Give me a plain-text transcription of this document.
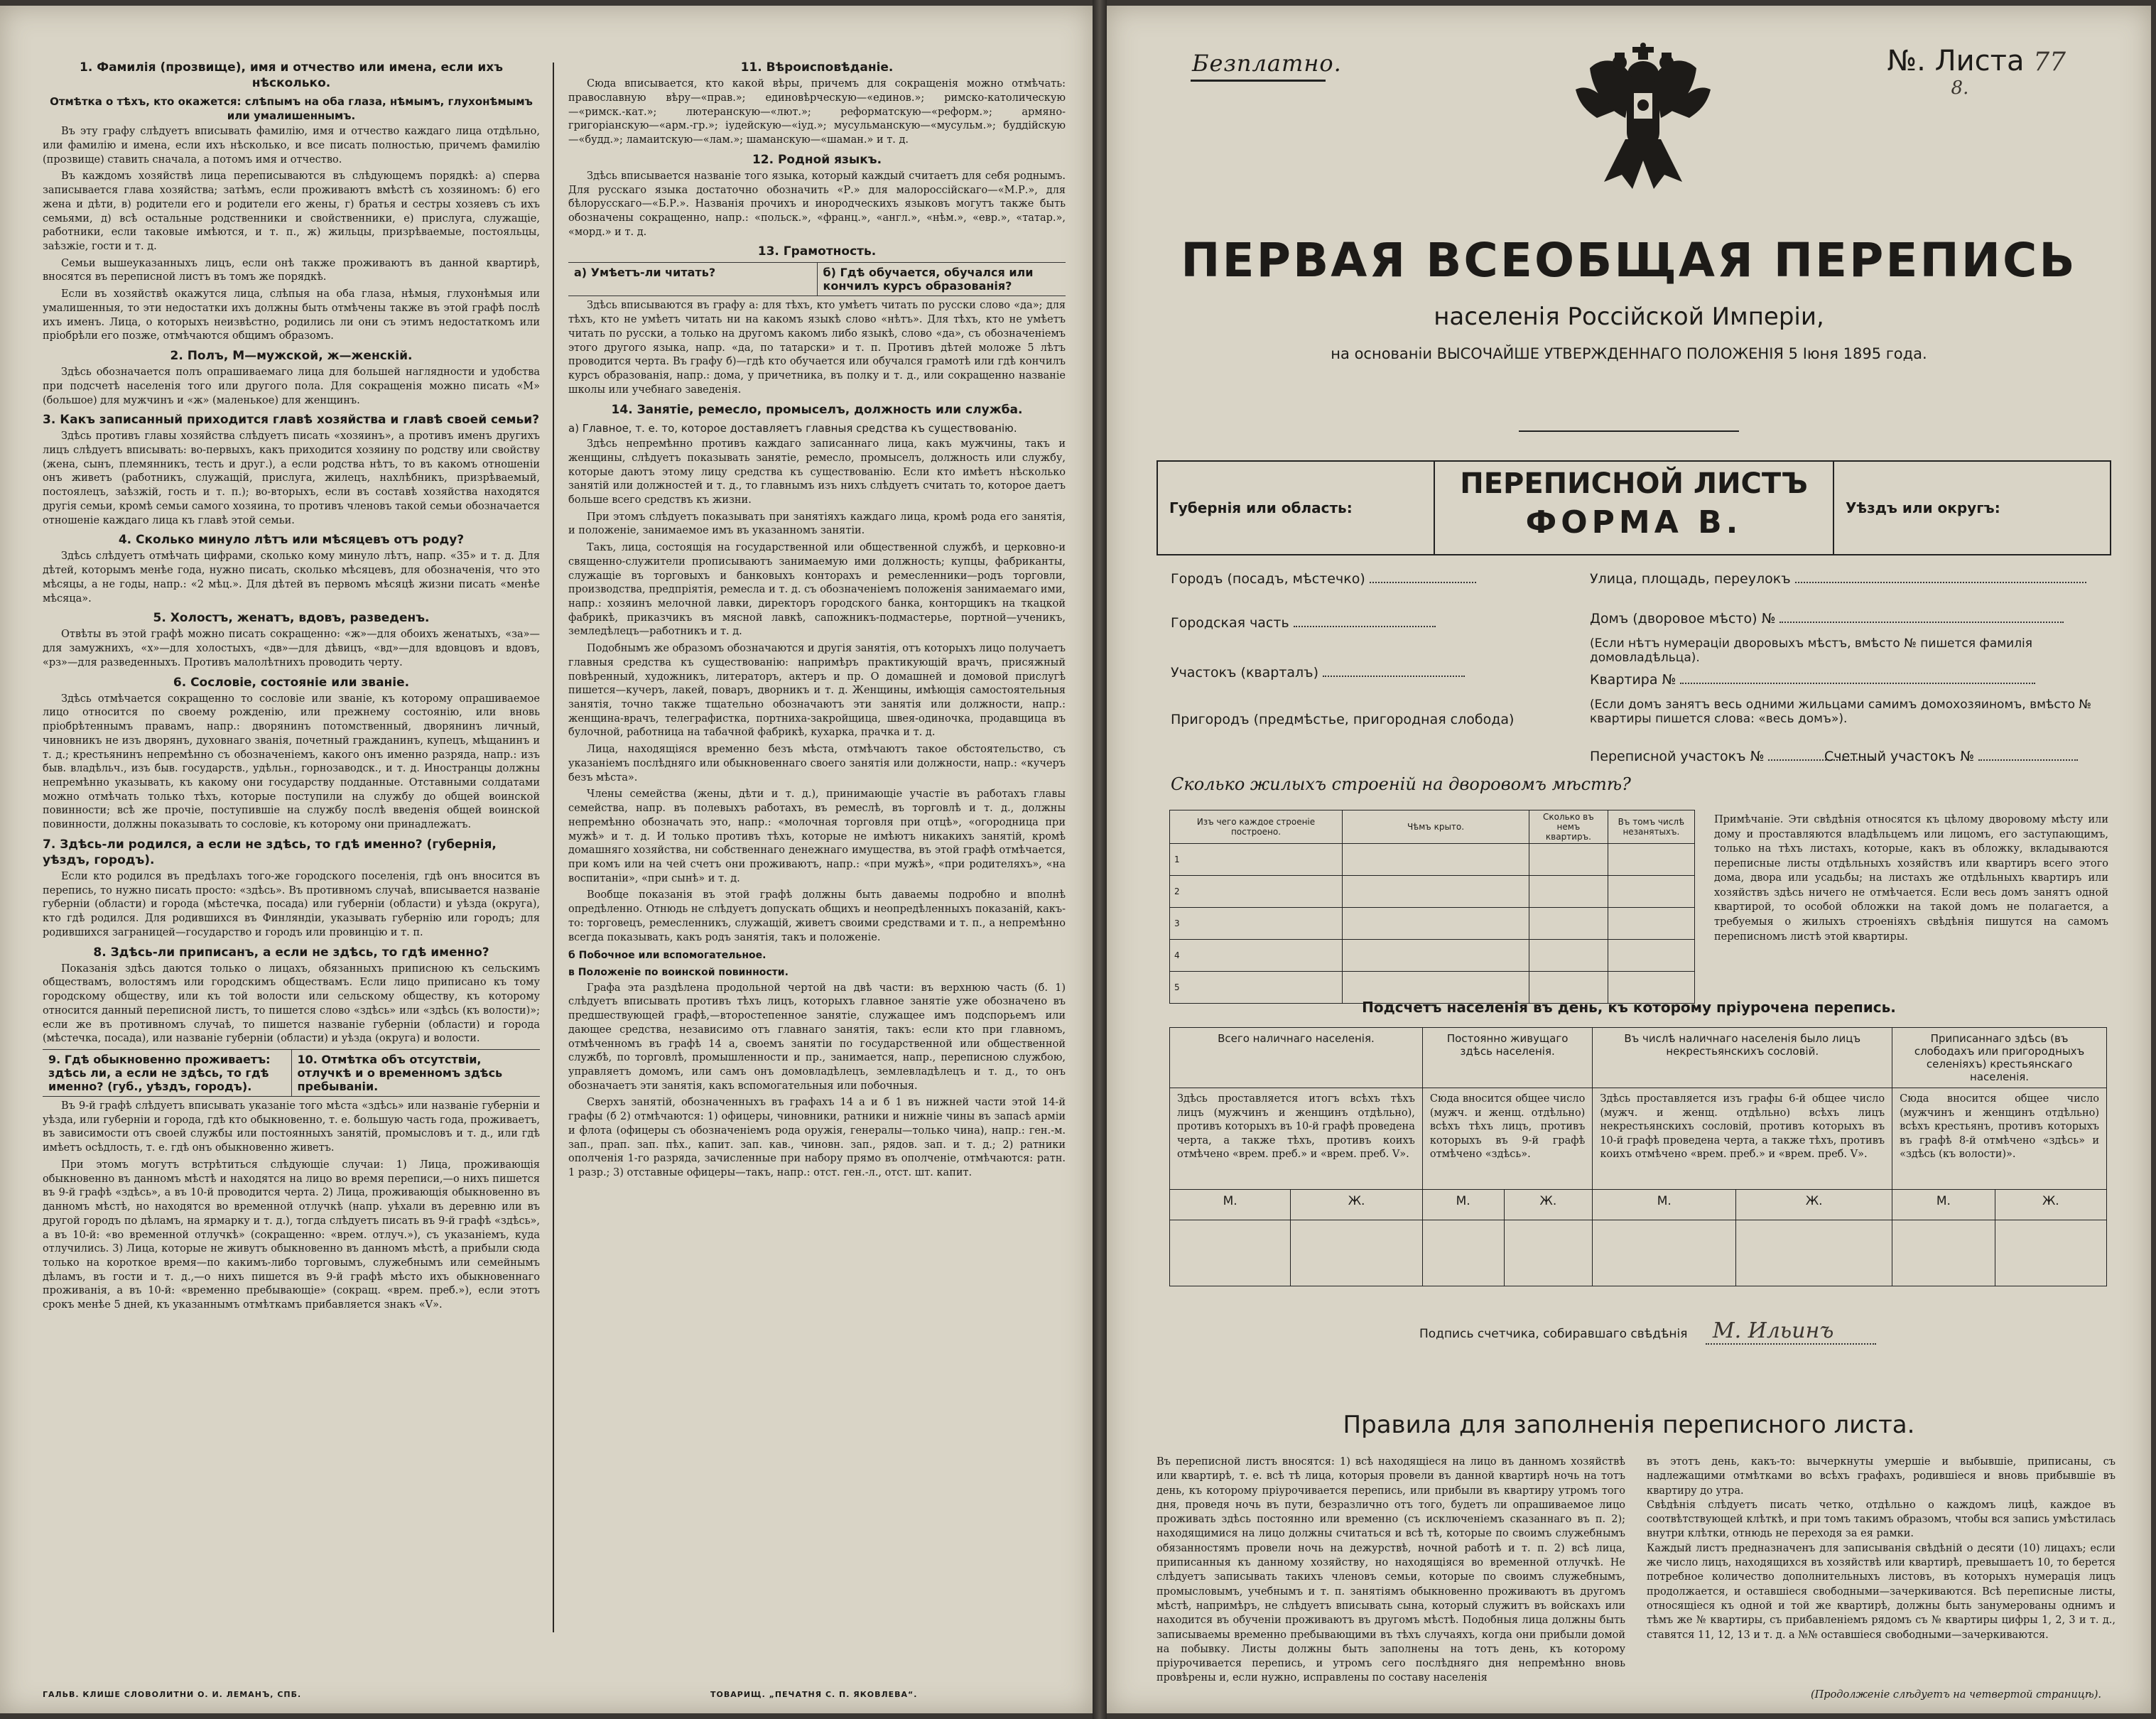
1. Фамилія (прозвище), имя и отчество или имена, если ихъ нѣсколько.
Отмѣтка о тѣхъ, кто окажется: слѣпымъ на оба глаза, нѣмымъ, глухонѣмымъ или умалишеннымъ.

Въ эту графу слѣдуетъ вписывать фамилію, имя и отчество каждаго лица отдѣльно, или фамилію и имена, если ихъ нѣсколько, и все писать полностью, причемъ фамилію (прозвище) ставить сначала, а потомъ имя и отчество.

Въ каждомъ хозяйствѣ лица переписываются въ слѣдующемъ порядкѣ: а) сперва записывается глава хозяйства; затѣмъ, если проживаютъ вмѣстѣ съ хозяиномъ: б) его жена и дѣти, в) родители его и родители его жены, г) братья и сестры хозяевъ съ ихъ семьями, д) всѣ остальные родственники и свойственники, е) прислуга, служащіе, работники, если таковые имѣются, и т. п., ж) жильцы, призрѣваемые, постояльцы, заѣзжіе, гости и т. д.

Семьи вышеуказанныхъ лицъ, если онѣ также проживаютъ въ данной квартирѣ, вносятся въ переписной листъ въ томъ же порядкѣ.

Если въ хозяйствѣ окажутся лица, слѣпыя на оба глаза, нѣмыя, глухонѣмыя или умалишенныя, то эти недостатки ихъ должны быть отмѣчены также въ этой графѣ послѣ ихъ именъ. Лица, о которыхъ неизвѣстно, родились ли они съ этимъ недостаткомъ или пріобрѣли его позже, отмѣчаются общимъ образомъ.

2. Полъ, М—мужской, ж—женскій.

Здѣсь обозначается полъ опрашиваемаго лица для большей наглядности и удобства при подсчетѣ населенія того или другого пола. Для сокращенія можно писать «М» (большое) для мужчинъ и «ж» (маленькое) для женщинъ.

3. Какъ записанный приходится главѣ хозяйства и главѣ своей семьи?

Здѣсь противъ главы хозяйства слѣдуетъ писать «хозяинъ», а противъ именъ другихъ лицъ слѣдуетъ вписывать: во-первыхъ, какъ приходится хозяину по родству или свойству (жена, сынъ, племянникъ, тесть и друг.), а если родства нѣтъ, то въ какомъ отношеніи онъ живетъ (работникъ, служащій, прислуга, жилецъ, нахлѣбникъ, призрѣваемый, постоялецъ, заѣзжій, гость и т. п.); во-вторыхъ, если въ составѣ хозяйства находятся другія семьи, кромѣ семьи самого хозяина, то противъ членовъ такой семьи обозначается отношеніе каждаго лица къ главѣ этой семьи.

4. Сколько минуло лѣтъ или мѣсяцевъ отъ роду?

Здѣсь слѣдуетъ отмѣчать цифрами, сколько кому минуло лѣтъ, напр. «35» и т. д. Для дѣтей, которымъ менѣе года, нужно писать, сколько мѣсяцевъ, для обозначенія, что это мѣсяцы, а не годы, напр.: «2 мѣц.». Для дѣтей въ первомъ мѣсяцѣ жизни писать «менѣе мѣсяца».

5. Холостъ, женатъ, вдовъ, разведенъ.

Отвѣты въ этой графѣ можно писать сокращенно: «ж»—для обоихъ женатыхъ, «за»—для замужнихъ, «х»—для холостыхъ, «дв»—для дѣвицъ, «вд»—для вдовцовъ и вдовъ, «рз»—для разведенныхъ. Противъ малолѣтнихъ проводить черту.

6. Сословіе, состояніе или званіе.

Здѣсь отмѣчается сокращенно то сословіе или званіе, къ которому опрашиваемое лицо относится по своему рожденію, или прежнему состоянію, или вновь пріобрѣтеннымъ правамъ, напр.: дворянинъ потомственный, дворянинъ личный, чиновникъ не изъ дворянъ, духовнаго званія, почетный гражданинъ, купецъ, мѣщанинъ и т. д.; крестьянинъ непремѣнно съ обозначеніемъ, какого онъ именно разряда, напр.: изъ быв. владѣльч., изъ быв. государств., удѣльн., горнозаводск., и т. д. Иностранцы должны непремѣнно указывать, къ какому они государству подданные. Отставными солдатами можно отмѣчать только тѣхъ, которые поступили на службу до общей воинской повинности; всѣ же прочіе, поступившіе на службу послѣ введенія общей воинской повинности, должны показывать то сословіе, къ которому они принадлежатъ.

7. Здѣсь-ли родился, а если не здѣсь, то гдѣ именно? (губернія, уѣздъ, городъ).

Если кто родился въ предѣлахъ того-же городского поселенія, гдѣ онъ вносится въ перепись, то нужно писать просто: «здѣсь». Въ противномъ случаѣ, вписывается названіе губерніи (области) и города (мѣстечка, посада) или губерніи (области) и уѣзда (округа), кто гдѣ родился. Для родившихся въ Финляндіи, указывать губернію или городъ; для родившихся заграницей—государство и городъ или провинцію и т. п.

8. Здѣсь-ли приписанъ, а если не здѣсь, то гдѣ именно?

Показанія здѣсь даются только о лицахъ, обязанныхъ приписною къ сельскимъ обществамъ, волостямъ или городскимъ обществамъ. Если лицо приписано къ тому городскому обществу, или къ той волости или сельскому обществу, къ которому относится данный переписной листъ, то пишется слово «здѣсь» или «здѣсь (къ волости)»; если же въ противномъ случаѣ, то пишется названіе губерніи (области) и города (мѣстечка, посада), или названіе губерніи (области) и уѣзда (округа) и волости.

9. Гдѣ обыкновенно проживаетъ: здѣсь ли, а если не здѣсь, то гдѣ именно? (губ., уѣздъ, городъ).
10. Отмѣтка объ отсутствіи, отлучкѣ и о временномъ здѣсь пребываніи.

Въ 9-й графѣ слѣдуетъ вписывать указаніе того мѣста «здѣсь» или названіе губерніи и уѣзда, или губерніи и города, гдѣ кто обыкновенно, т. е. большую часть года, проживаетъ, въ зависимости отъ своей службы или постоянныхъ занятій, промысловъ и т. д., или гдѣ имѣетъ осѣдлость, т. е. гдѣ онъ обыкновенно живетъ.

При этомъ могутъ встрѣтиться слѣдующіе случаи: 1) Лица, проживающія обыкновенно въ данномъ мѣстѣ и находятся на лицо во время переписи,—о нихъ пишется въ 9-й графѣ «здѣсь», а въ 10-й проводится черта. 2) Лица, проживающія обыкновенно въ данномъ мѣстѣ, но находятся во временной отлучкѣ (напр. уѣхали въ деревню или въ другой городъ по дѣламъ, на ярмарку и т. д.), тогда слѣдуетъ писать въ 9-й графѣ «здѣсь», а въ 10-й: «во временной отлучкѣ» (сокращенно: «врем. отлуч.»), съ указаніемъ, куда отлучились. 3) Лица, которые не живутъ обыкновенно въ данномъ мѣстѣ, а прибыли сюда только на короткое время—по какимъ-либо торговымъ, служебнымъ или семейнымъ дѣламъ, въ гости и т. д.,—о нихъ пишется въ 9-й графѣ мѣсто ихъ обыкновеннаго проживанія, а въ 10-й: «временно пребывающіе» (сокращ. «врем. преб.»), если этотъ срокъ менѣе 5 дней, къ указаннымъ отмѣткамъ прибавляется знакъ «V».

11. Вѣроисповѣданіе.

Сюда вписывается, кто какой вѣры, причемъ для сокращенія можно отмѣчать: православную вѣру—«прав.»; единовѣрческую—«единов.»; римско-католическую—«римск.-кат.»; лютеранскую—«лют.»; реформатскую—«реформ.»; армяно-григоріанскую—«арм.-гр.»; іудейскую—«іуд.»; мусульманскую—«мусульм.»; буддійскую—«будд.»; ламаитскую—«лам.»; шаманскую—«шаман.» и т. д.

12. Родной языкъ.

Здѣсь вписывается названіе того языка, который каждый считаетъ для себя роднымъ. Для русскаго языка достаточно обозначить «Р.» для малороссійскаго—«М.Р.», для бѣлорусскаго—«Б.Р.». Названія прочихъ и инородческихъ языковъ могутъ также быть обозначены сокращенно, напр.: «польск.», «франц.», «англ.», «нѣм.», «евр.», «татар.», «морд.» и т. д.

13. Грамотность.
а) Умѣетъ-ли читать?	б) Гдѣ обучается, обучался или кончилъ курсъ образованія?

Здѣсь вписываются въ графу а: для тѣхъ, кто умѣетъ читать по русски слово «да»; для тѣхъ, кто не умѣетъ читать ни на какомъ языкѣ слово «нѣтъ». Для тѣхъ, кто не умѣетъ читать по русски, а только на другомъ какомъ либо языкѣ, слово «да», съ обозначеніемъ этого другого языка, напр. «да, по татарски» и т. п. Противъ дѣтей моложе 5 лѣтъ проводится черта. Въ графу б)—гдѣ кто обучается или обучался грамотѣ или гдѣ кончилъ курсъ образованія, напр.: дома, у причетника, въ полку и т. д., или сокращенно названіе школы или учебнаго заведенія.

14. Занятіе, ремесло, промыселъ, должность или служба.
а) Главное, т. е. то, которое доставляетъ главныя средства къ существованію.

Здѣсь непремѣнно противъ каждаго записаннаго лица, какъ мужчины, такъ и женщины, слѣдуетъ показывать занятіе, ремесло, промыселъ, должность или службу, которые даютъ этому лицу средства къ существованію. Если кто имѣетъ нѣсколько занятій или должностей и т. д., то главнымъ изъ нихъ слѣдуетъ считать то, которое даетъ больше всего средствъ къ жизни.

При этомъ слѣдуетъ показывать при занятіяхъ каждаго лица, кромѣ рода его занятія, и положеніе, занимаемое имъ въ указанномъ занятіи.

Такъ, лица, состоящія на государственной или общественной службѣ, и церковно-и священно-служители прописываютъ занимаемую ими должность; купцы, фабриканты, служащіе въ торговыхъ и банковыхъ конторахъ и ремесленники—родъ торговли, производства, предпріятія, ремесла и т. д. съ обозначеніемъ положенія занимаемаго ими, напр.: хозяинъ мелочной лавки, директоръ городского банка, конторщикъ на ткацкой фабрикѣ, приказчикъ въ мясной лавкѣ, сапожникъ-подмастерье, портной—ученикъ, земледѣлецъ—работникъ и т. д.

Подобнымъ же образомъ обозначаются и другія занятія, отъ которыхъ лицо получаетъ главныя средства къ существованію: напримѣръ практикующій врачъ, присяжный повѣренный, художникъ, литераторъ, актеръ и пр. О домашней и домовой прислугѣ пишется—кучеръ, лакей, поваръ, дворникъ и т. д. Женщины, имѣющія самостоятельныя занятія, точно также тщательно обозначаютъ эти занятія или должности, напр.: женщина-врачъ, телеграфистка, портниха-закройщица, швея-одиночка, продавщица въ булочной, работница на табачной фабрикѣ, кухарка, прачка и т. д.

Лица, находящіяся временно безъ мѣста, отмѣчаютъ такое обстоятельство, съ указаніемъ послѣдняго или обыкновеннаго своего занятія или должности, напр.: «кучеръ безъ мѣста».

Члены семейства (жены, дѣти и т. д.), принимающіе участіе въ работахъ главы семейства, напр. въ полевыхъ работахъ, въ ремеслѣ, въ торговлѣ и т. д., должны непремѣнно обозначать это, напр.: «молочная торговля при отцѣ», «огородница при мужѣ» и т. д. И только противъ тѣхъ, которые не имѣютъ никакихъ занятій, кромѣ домашняго хозяйства, ни собственнаго денежнаго имущества, въ этой графѣ отмѣчается, при комъ или на чей счетъ они проживаютъ, напр.: «при мужѣ», «при родителяхъ», «на воспитаніи», «при сынѣ» и т. д.

Вообще показанія въ этой графѣ должны быть даваемы подробно и вполнѣ опредѣленно. Отнюдь не слѣдуетъ допускать общихъ и неопредѣленныхъ показаній, какъ-то: торговецъ, ремесленникъ, служащій, живетъ своими средствами и т. п., а непремѣнно всегда показывать, какъ родъ занятія, такъ и положеніе.

б Побочное или вспомогательное.
в Положеніе по воинской повинности.

Графа эта раздѣлена продольной чертой на двѣ части: въ верхнюю часть (б. 1) слѣдуетъ вписывать противъ тѣхъ лицъ, которыхъ главное занятіе уже обозначено въ предшествующей графѣ,—второстепенное занятіе, служащее имъ подспорьемъ или дающее средства, независимо отъ главнаго занятія, такъ: если кто при главномъ, отмѣченномъ въ графѣ 14 а, своемъ занятіи по государственной или общественной службѣ, по торговлѣ, промышленности и пр., занимается, напр., переписною службою, управляетъ домомъ, или самъ онъ домовладѣлецъ, землевладѣлецъ и т. д., то онъ обозначаетъ эти занятія, какъ вспомогательныя или побочныя.

Сверхъ занятій, обозначенныхъ въ графахъ 14 а и б 1 въ нижней части этой 14-й графы (б 2) отмѣчаются: 1) офицеры, чиновники, ратники и нижніе чины въ запасѣ арміи и флота (офицеры съ обозначеніемъ рода оружія, генералы—только чина), напр.: ген.-м. зап., прап. зап. пѣх., капит. зап. кав., чиновн. зап., рядов. зап. и т. д.; 2) ратники ополченія 1-го разряда, зачисленные при набору прямо въ ополченіе, отмѣчаются: ратн. 1 разр.; 3) отставные офицеры—такъ, напр.: отст. ген.-л., отст. шт. капит.

ГАЛЬВ. КЛИШЕ СЛОВОЛИТНИ О. И. ЛЕМАНЪ, СПБ.	ТОВАРИЩ. „ПЕЧАТНЯ С. П. ЯКОВЛЕВА“.
Безплатно.	№. Листа 77
8.
ПЕРВАЯ ВСЕОБЩАЯ ПЕРЕПИСЬ
населенія Россійской Имперіи,
на основаніи ВЫСОЧАЙШЕ УТВЕРЖДЕННАГО ПОЛОЖЕНІЯ 5 Іюня 1895 года.
Губернія или область:
ПЕРЕПИСНОЙ ЛИСТЪ
ФОРМА В.	Уѣздъ или округъ:
Городъ (посадъ, мѣстечко)	Улица, площадь, переулокъ
Городская часть	Домъ (дворовое мѣсто) №
(Если нѣтъ нумераціи дворовыхъ мѣстъ, вмѣсто № пишется фамилія домовладѣльца).
Участокъ (кварталъ)	Квартира №
(Если домъ занятъ весь одними жильцами самимъ домохозяиномъ, вмѣсто № квартиры пишется слова: «весь домъ»).
Пригородъ (предмѣстье, пригородная слобода)
Переписной участокъ №	Счетный участокъ №
Сколько жилыхъ строеній на дворовомъ мѣстѣ?
Изъ чего каждое строеніе построено.	Чѣмъ крыто.	Сколько въ немъ квартиръ.	Въ томъ числѣ незанятыхъ.
1			
2			
3			
4			
5			
Примѣчаніе. Эти свѣдѣнія относятся къ цѣлому дворовому мѣсту или дому и проставляются владѣльцемъ или лицомъ, его заступающимъ, только на тѣхъ листахъ, которые, какъ въ обложку, вкладываются переписные листы отдѣльныхъ хозяйствъ или квартиръ всего этого дома, двора или усадьбы; на листахъ же отдѣльныхъ квартиръ или хозяйствъ здѣсь ничего не отмѣчается. Если весь домъ занятъ одной квартирой, то особой обложки на такой домъ не полагается, а требуемыя о жилыхъ строеніяхъ свѣдѣнія пишутся на самомъ переписномъ листѣ этой квартиры.
Подсчетъ населенія въ день, къ которому пріурочена перепись.
Всего наличнаго населенія.		Постоянно живущаго здѣсь населенія.		Въ числѣ наличнаго населенія было лицъ некрестьянскихъ сословій.		Приписаннаго здѣсь (въ слободахъ или пригородныхъ селеніяхъ) крестьянскаго населенія.	
Здѣсь проставляется итогъ всѣхъ тѣхъ лицъ (мужчинъ и женщинъ отдѣльно), противъ которыхъ въ 10-й графѣ проведена черта, а также тѣхъ, противъ коихъ отмѣчено «врем. преб.» и «врем. преб. V».		Сюда вносится общее число (мужч. и женщ. отдѣльно) всѣхъ тѣхъ лицъ, противъ которыхъ въ 9-й графѣ отмѣчено «здѣсь».		Здѣсь проставляется изъ графы 6-й общее число (мужч. и женщ. отдѣльно) всѣхъ лицъ некрестьянскихъ сословій, противъ которыхъ въ 10-й графѣ проведена черта, а также тѣхъ, противъ коихъ отмѣчено «врем. преб.» и «врем. преб. V».		Сюда вносится общее число (мужчинъ и женщинъ отдѣльно) всѣхъ крестьянъ, противъ которыхъ въ графѣ 8-й отмѣчено «здѣсь» и «здѣсь (къ волости)».	
М.	Ж.	М.	Ж.	М.	Ж.	М.	Ж.

Подпись счетчика, собиравшаго свѣдѣнія М. Ильинъ
Правила для заполненія переписного листа.
Въ переписной листъ вносятся: 1) всѣ находящіеся на лицо въ данномъ хозяйствѣ или квартирѣ, т. е. всѣ тѣ лица, которыя провели въ данной квартирѣ ночь на тотъ день, къ которому пріурочивается перепись, или прибыли въ квартиру утромъ того дня, проведя ночь въ пути, безразлично отъ того, будетъ ли опрашиваемое лицо проживать здѣсь постоянно или временно (съ исключеніемъ сказаннаго въ п. 2); находящимися на лицо должны считаться и всѣ тѣ, которые по своимъ служебнымъ обязанностямъ провели ночь на дежурствѣ, ночной работѣ и т. п. 2) всѣ лица, приписанныя къ данному хозяйству, но находящіяся во временной отлучкѣ. Не слѣдуетъ записывать такихъ членовъ семьи, которые по своимъ служебнымъ, промысловымъ, учебнымъ и т. п. занятіямъ обыкновенно проживаютъ въ другомъ мѣстѣ, напримѣръ, не слѣдуетъ вписывать сына, который служитъ въ войскахъ или находится въ обученіи проживаютъ въ другомъ мѣстѣ. Подобныя лица должны быть записываемы временно пребывающими въ тѣхъ случаяхъ, когда они прибыли домой на побывку. Листы должны быть заполнены на тотъ день, къ которому пріурочивается перепись, и утромъ сего послѣдняго дня непремѣнно вновь провѣрены и, если нужно, исправлены по составу населенія
въ этотъ день, какъ-то: вычеркнуты умершіе и выбывшіе, приписаны, съ надлежащими отмѣтками во всѣхъ графахъ, родившіеся и вновь прибывшіе въ квартиру до утра.
Свѣдѣнія слѣдуетъ писать четко, отдѣльно о каждомъ лицѣ, каждое въ соотвѣтствующей клѣткѣ, и при томъ такимъ образомъ, чтобы вся запись умѣстилась внутри клѣтки, отнюдь не переходя за ея рамки.
Каждый листъ предназначенъ для записыванія свѣдѣній о десяти (10) лицахъ; если же число лицъ, находящихся въ хозяйствѣ или квартирѣ, превышаетъ 10, то берется потребное количество дополнительныхъ листовъ, въ которыхъ нумерація лицъ продолжается, и оставшіеся свободными—зачеркиваются. Всѣ переписные листы, относящіеся къ одной и той же квартирѣ, должны быть занумерованы однимъ и тѣмъ же № квартиры, съ прибавленіемъ рядомъ съ № квартиры цифры 1, 2, 3 и т. д., ставятся 11, 12, 13 и т. д. а №№ оставшіеся свободными—зачеркиваются.
(Продолженіе слѣдуетъ на четвертой страницѣ).
